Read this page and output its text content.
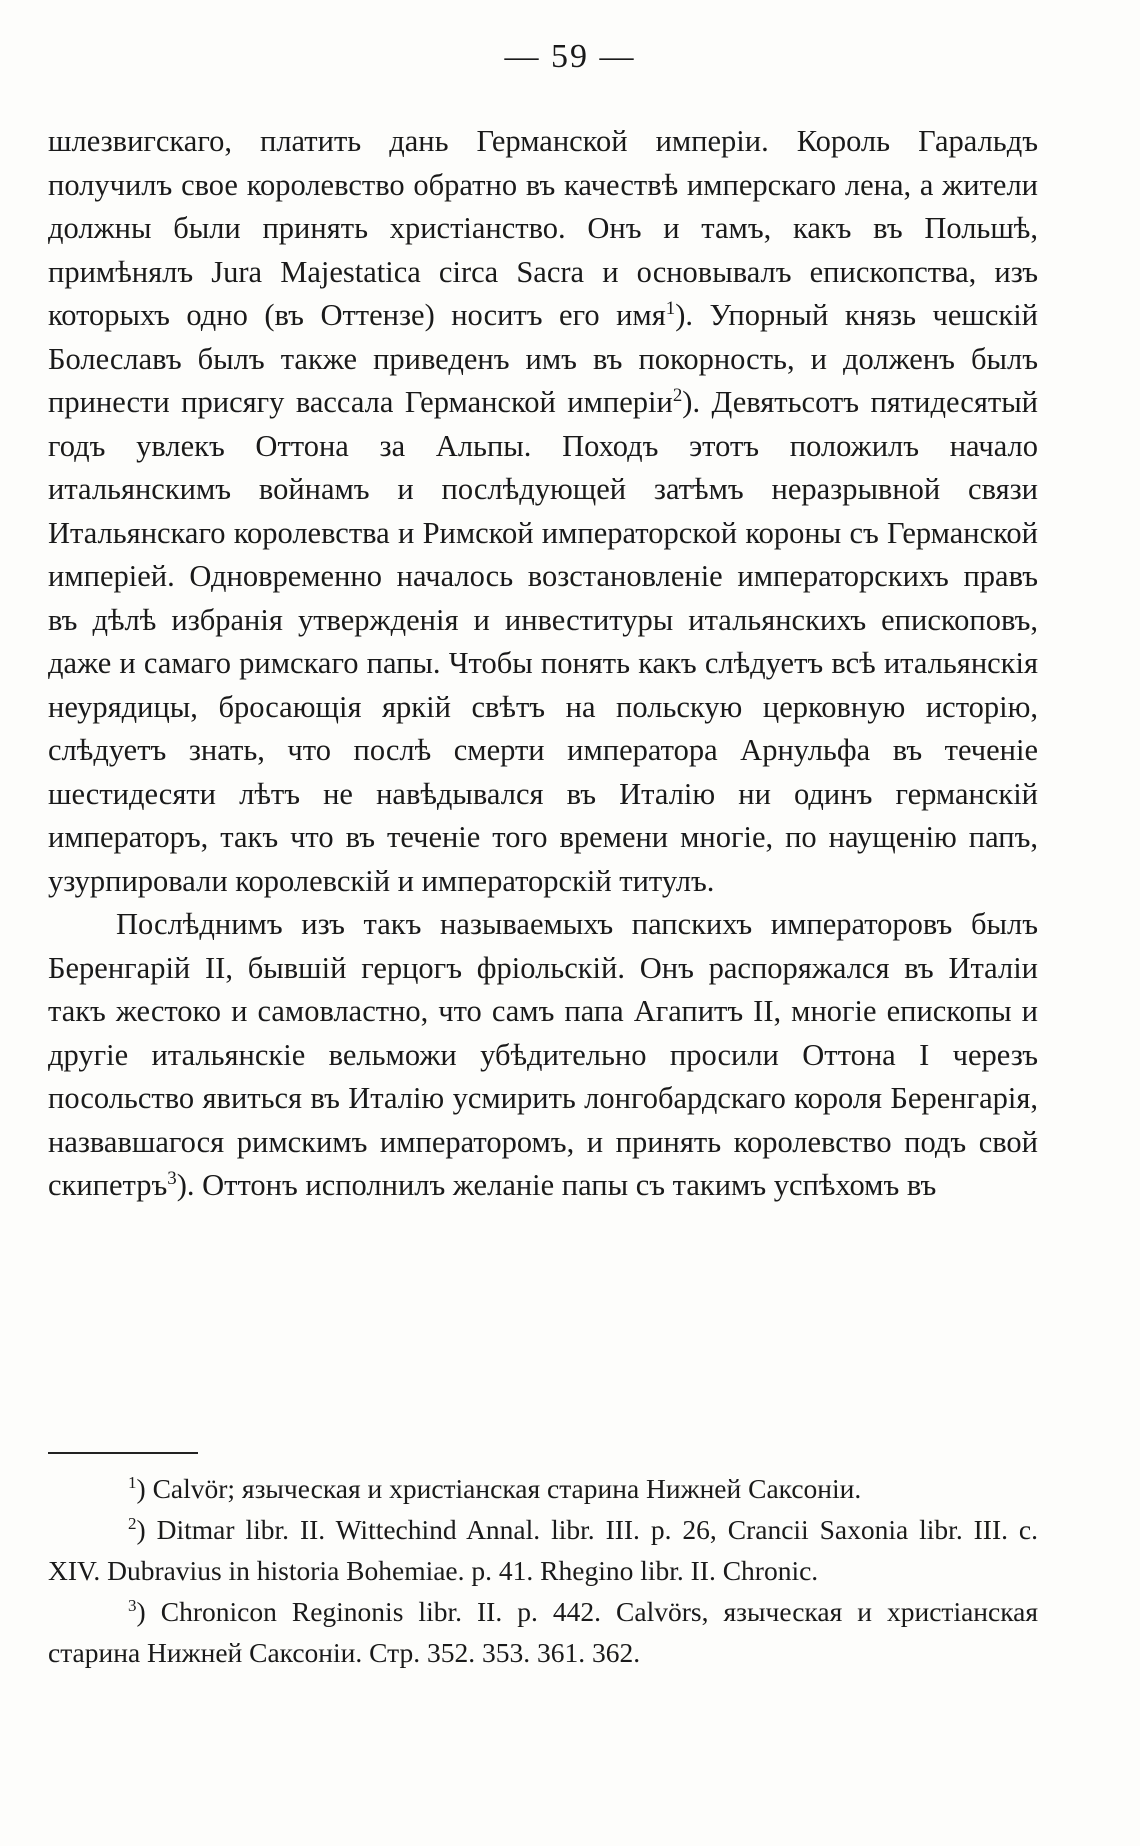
— 59 —

шлезвигскаго, платить дань Германской имперіи. Король Гаральдъ получилъ свое королевство обратно въ качествѣ имперскаго лена, а жители должны были принять христіанство. Онъ и тамъ, какъ въ Польшѣ, примѣнялъ Jura Majestatica circa Sacra и основывалъ епископства, изъ которыхъ одно (въ Оттензе) носитъ его имя$^1$). Упорный князь чешскій Болеславъ былъ также приведенъ имъ въ покорность, и долженъ былъ принести присягу вассала Германской имперіи$^2$). Девятьсотъ пятидесятый годъ увлекъ Оттона за Альпы. Походъ этотъ положилъ начало итальянскимъ войнамъ и послѣдующей затѣмъ неразрывной связи Итальянскаго королевства и Римской императорской короны съ Германской имперіей. Одновременно началось возстановленіе императорскихъ правъ въ дѣлѣ избранія утвержденія и инвеституры итальянскихъ епископовъ, даже и самаго римскаго папы. Чтобы понять какъ слѣдуетъ всѣ итальянскія неурядицы, бросающія яркій свѣтъ на польскую церковную исторію, слѣдуетъ знать, что послѣ смерти императора Арнульфа въ теченіе шестидесяти лѣтъ не навѣдывался въ Италію ни одинъ германскій императоръ, такъ что въ теченіе того времени многіе, по наущенію папъ, узурпировали королевскій и императорскій титулъ.

Послѣднимъ изъ такъ называемыхъ папскихъ императоровъ былъ Беренгарій II, бывшій герцогъ фріольскій. Онъ распоряжался въ Италіи такъ жестоко и самовластно, что самъ папа Агапитъ II, многіе епископы и другіе итальянскіе вельможи убѣдительно просили Оттона I черезъ посольство явиться въ Италію усмирить лонгобардскаго короля Беренгарія, назвавшагося римскимъ императоромъ, и принять королевство подъ свой скипетръ$^3$). Оттонъ исполнилъ желаніе папы съ такимъ успѣхомъ въ

$^1$) Calvör; языческая и христіанская старина Нижней Саксоніи.

$^2$) Ditmar libr. II. Wittechind Annal. libr. III. p. 26, Crancii Saxonia libr. III. c. XIV. Dubravius in historia Bohemiae. p. 41. Rhegino libr. II. Chronic.

$^3$) Chronicon Reginonis libr. II. p. 442. Calvörs, языческая и христіанская старина Нижней Саксоніи. Стр. 352. 353. 361. 362.
